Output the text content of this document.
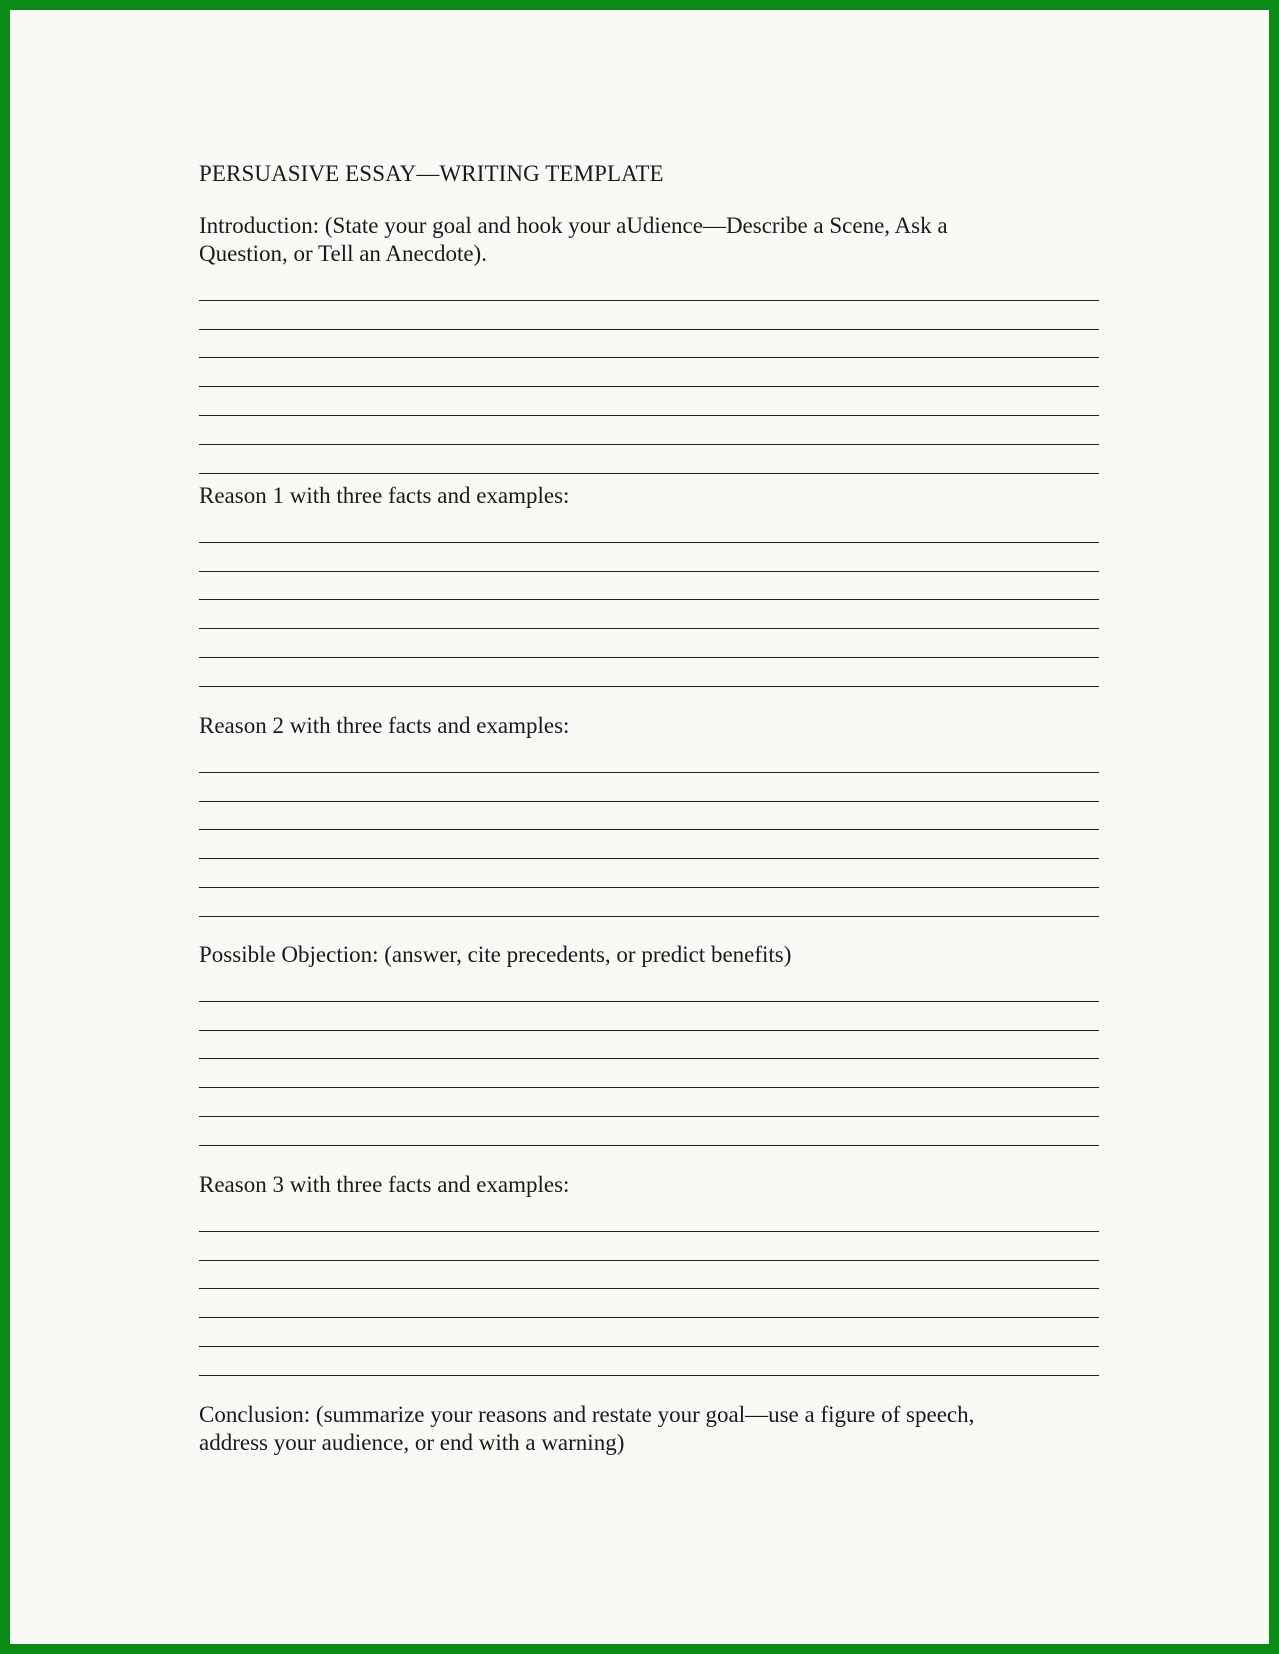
PERSUASIVE ESSAY—WRITING TEMPLATE

Introduction: (State your goal and hook your aUdience—Describe a Scene, Ask a

Question, or Tell an Anecdote).

Reason 1 with three facts and examples:

Reason 2 with three facts and examples:

Possible Objection: (answer, cite precedents, or predict benefits)

Reason 3 with three facts and examples:

Conclusion: (summarize your reasons and restate your goal—use a figure of speech,

address your audience, or end with a warning)
